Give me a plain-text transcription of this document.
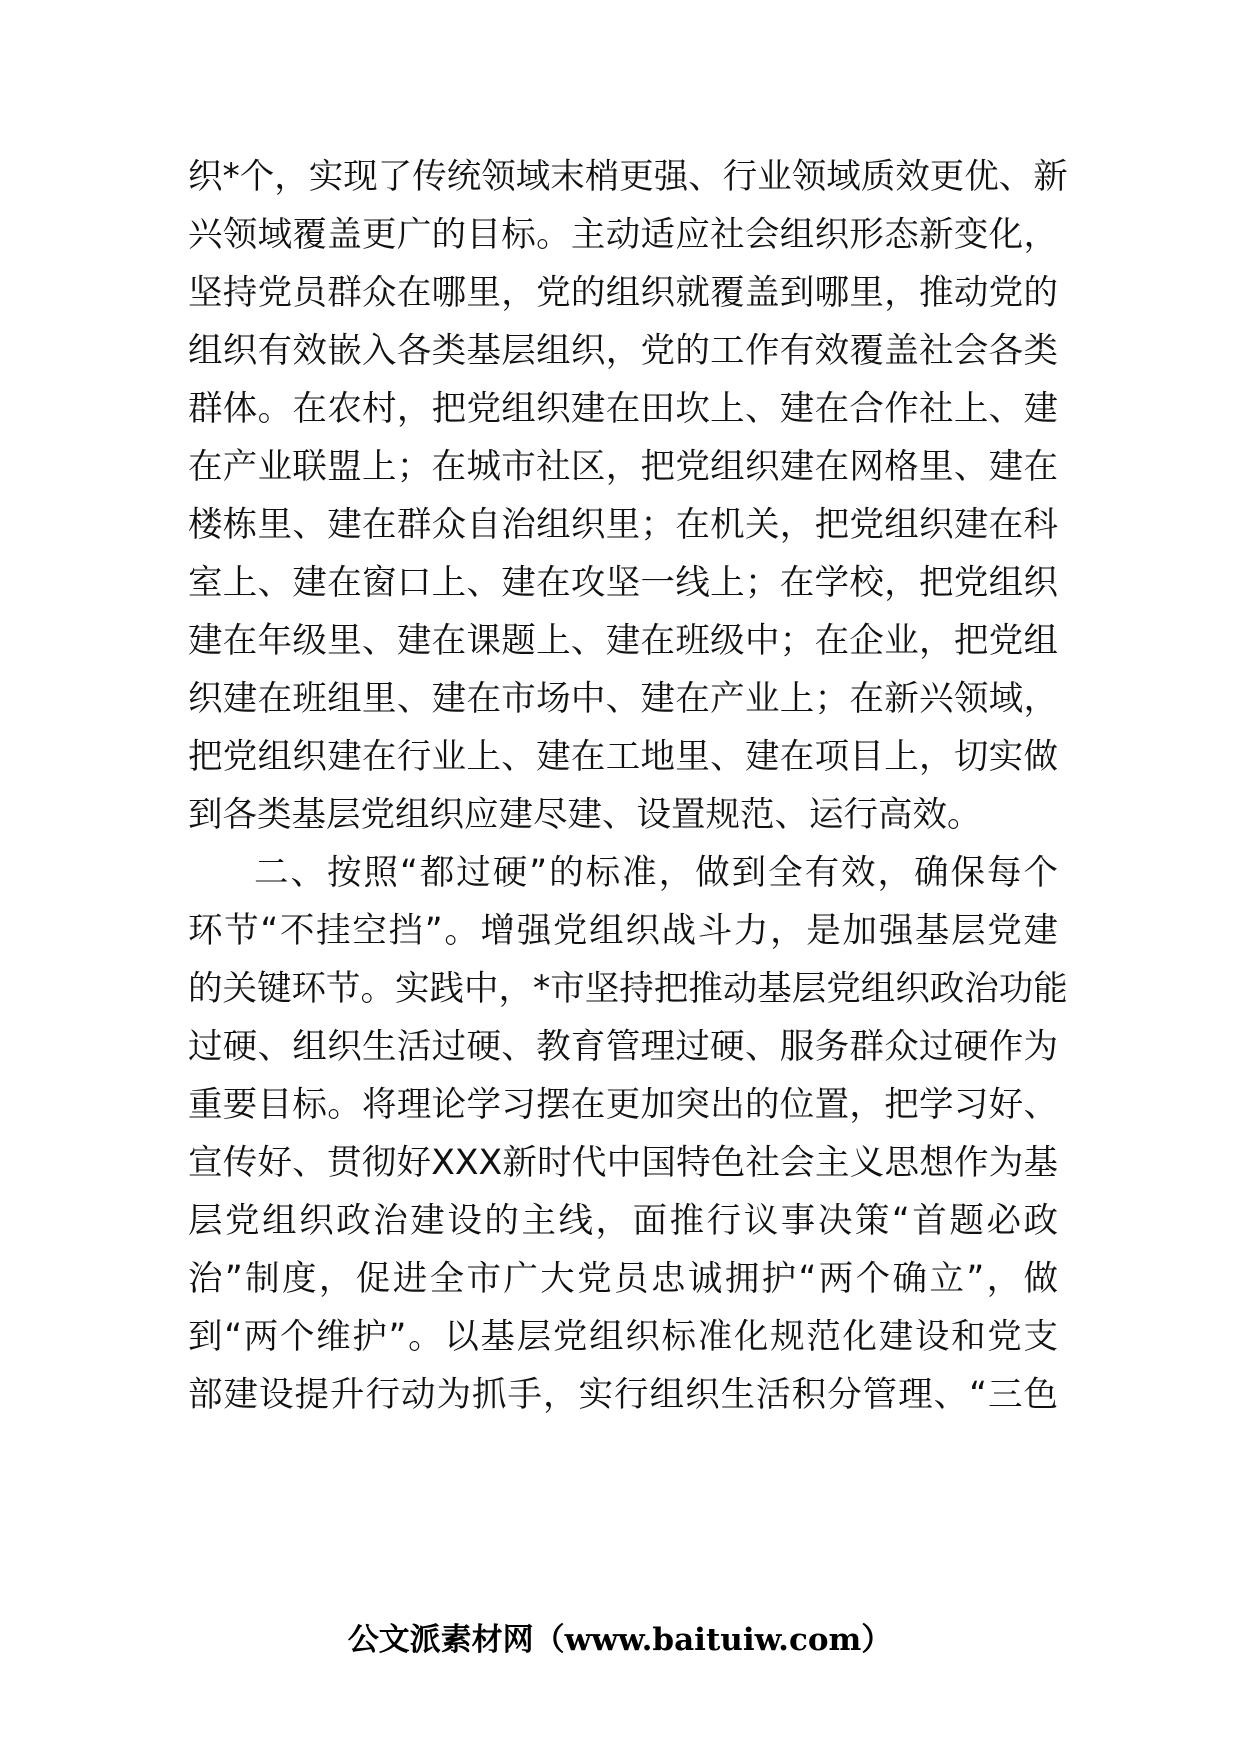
织*个，实现了传统领域末梢更强、行业领域质效更优、新
兴领域覆盖更广的目标。主动适应社会组织形态新变化，
坚持党员群众在哪里，党的组织就覆盖到哪里，推动党的
组织有效嵌入各类基层组织，党的工作有效覆盖社会各类
群体。在农村，把党组织建在田坎上、建在合作社上、建
在产业联盟上；在城市社区，把党组织建在网格里、建在
楼栋里、建在群众自治组织里；在机关，把党组织建在科
室上、建在窗口上、建在攻坚一线上；在学校，把党组织
建在年级里、建在课题上、建在班级中；在企业，把党组
织建在班组里、建在市场中、建在产业上；在新兴领域，
把党组织建在行业上、建在工地里、建在项目上，切实做
到各类基层党组织应建尽建、设置规范、运行高效。
二、按照“都过硬”的标准，做到全有效，确保每个
环节“不挂空挡”。增强党组织战斗力，是加强基层党建
的关键环节。实践中，*市坚持把推动基层党组织政治功能
过硬、组织生活过硬、教育管理过硬、服务群众过硬作为
重要目标。将理论学习摆在更加突出的位置，把学习好、
宣传好、贯彻好XXX新时代中国特色社会主义思想作为基
层党组织政治建设的主线，面推行议事决策“首题必政
治”制度，促进全市广大党员忠诚拥护“两个确立”，做
到“两个维护”。以基层党组织标准化规范化建设和党支
部建设提升行动为抓手，实行组织生活积分管理、“三色
公文派素材网（www.baituiw.com）
